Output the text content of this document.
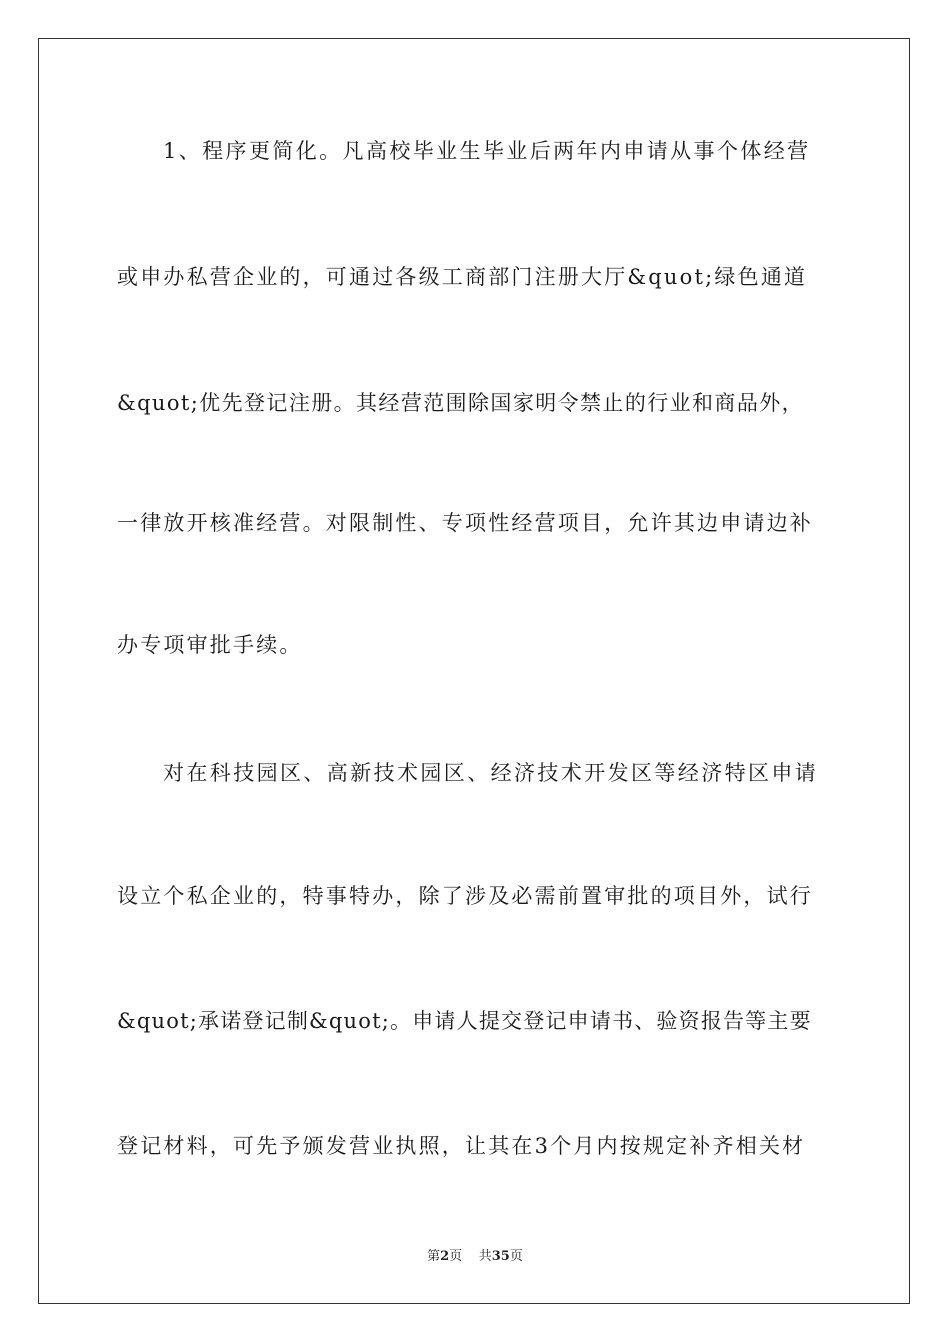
1、程序更简化。凡高校毕业生毕业后两年内申请从事个体经营
或申办私营企业的，可通过各级工商部门注册大厅&quot;绿色通道
&quot;优先登记注册。其经营范围除国家明令禁止的行业和商品外，
一律放开核准经营。对限制性、专项性经营项目，允许其边申请边补
办专项审批手续。
对在科技园区、高新技术园区、经济技术开发区等经济特区申请
设立个私企业的，特事特办，除了涉及必需前置审批的项目外，试行
&quot;承诺登记制&quot;。申请人提交登记申请书、验资报告等主要
登记材料，可先予颁发营业执照，让其在3个月内按规定补齐相关材
第2页 共35页
